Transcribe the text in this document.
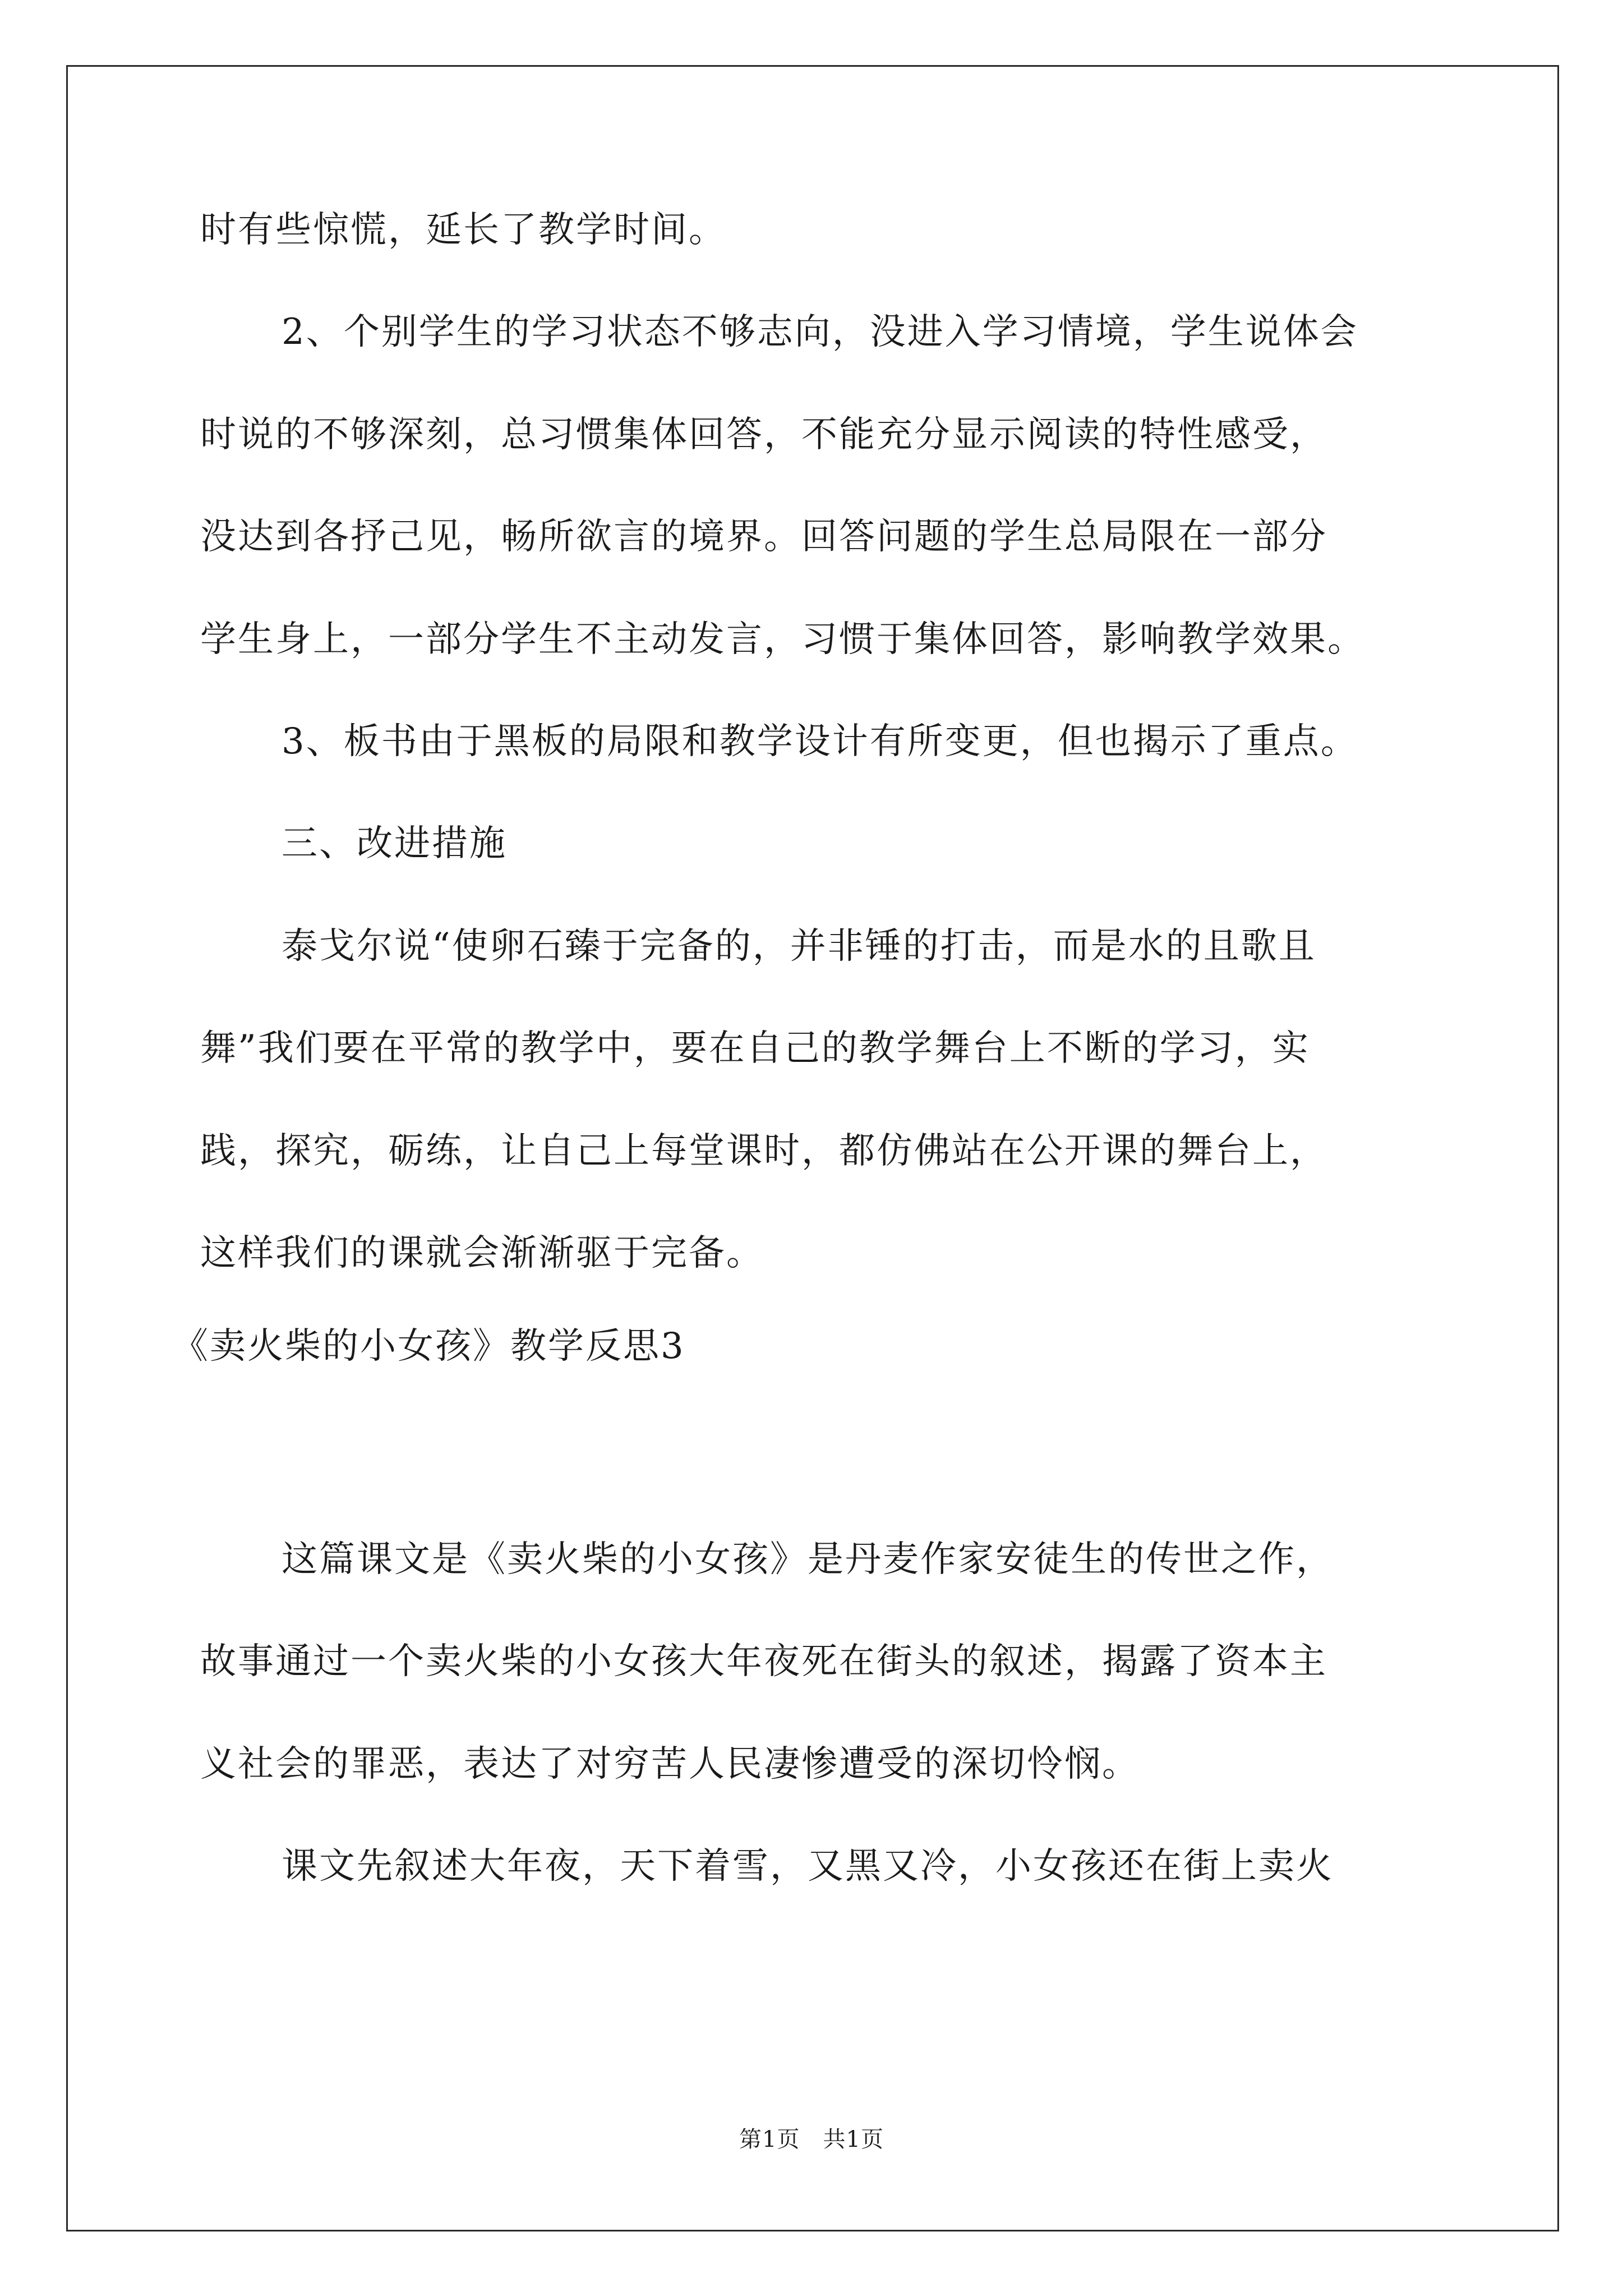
时有些惊慌，延长了教学时间。
2、个别学生的学习状态不够志向，没进入学习情境，学生说体会
时说的不够深刻，总习惯集体回答，不能充分显示阅读的特性感受，
没达到各抒己见，畅所欲言的境界。回答问题的学生总局限在一部分
学生身上，一部分学生不主动发言，习惯于集体回答，影响教学效果。
3、板书由于黑板的局限和教学设计有所变更，但也揭示了重点。
三、改进措施
泰戈尔说“使卵石臻于完备的，并非锤的打击，而是水的且歌且
舞”我们要在平常的教学中，要在自己的教学舞台上不断的学习，实
践，探究，砺练，让自己上每堂课时，都仿佛站在公开课的舞台上，
这样我们的课就会渐渐驱于完备。
《卖火柴的小女孩》教学反思3
这篇课文是《卖火柴的小女孩》是丹麦作家安徒生的传世之作，
故事通过一个卖火柴的小女孩大年夜死在街头的叙述，揭露了资本主
义社会的罪恶，表达了对穷苦人民凄惨遭受的深切怜悯。
课文先叙述大年夜，天下着雪，又黑又冷，小女孩还在街上卖火
第1页　共1页
